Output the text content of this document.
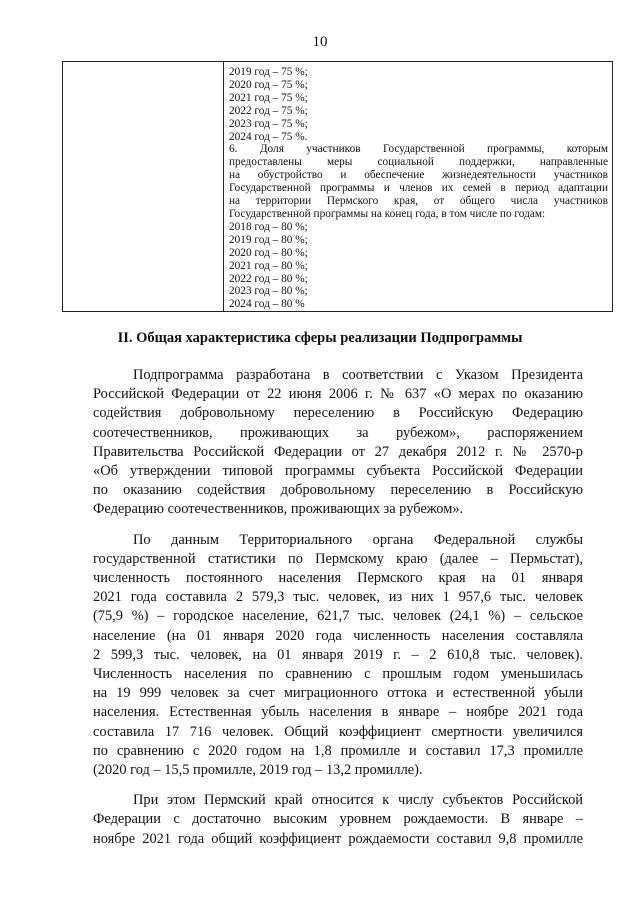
10
2019 год – 75 %;
2020 год – 75 %;
2021 год – 75 %;
2022 год – 75 %;
2023 год – 75 %;
2024 год – 75 %.
6. Доля участников Государственной программы, которым
предоставлены меры социальной поддержки, направленные
на обустройство и обеспечение жизнедеятельности участников
Государственной программы и членов их семей в период адаптации
на территории Пермского края, от общего числа участников
Государственной программы на конец года, в том числе по годам:
2018 год – 80 %;
2019 год – 80 %;
2020 год – 80 %;
2021 год – 80 %;
2022 год – 80 %;
2023 год – 80 %;
2024 год – 80 %
II. Общая характеристика сферы реализации Подпрограммы

Подпрограмма разработана в соответствии с Указом Президента
Российской Федерации от 22 июня 2006 г. № 637 «О мерах по оказанию
содействия добровольному переселению в Российскую Федерацию
соотечественников, проживающих за рубежом», распоряжением
Правительства Российской Федерации от 27 декабря 2012 г. № 2570-р
«Об утверждении типовой программы субъекта Российской Федерации
по оказанию содействия добровольному переселению в Российскую
Федерацию соотечественников, проживающих за рубежом».

По данным Территориального органа Федеральной службы
государственной статистики по Пермскому краю (далее – Пермьстат),
численность постоянного населения Пермского края на 01 января
2021 года составила 2 579,3 тыс. человек, из них 1 957,6 тыс. человек
(75,9 %) – городское население, 621,7 тыс. человек (24,1 %) – сельское
население (на 01 января 2020 года численность населения составляла
2 599,3 тыс. человек, на 01 января 2019 г. – 2 610,8 тыс. человек).
Численность населения по сравнению с прошлым годом уменьшилась
на 19 999 человек за счет миграционного оттока и естественной убыли
населения. Естественная убыль населения в январе – ноябре 2021 года
составила 17 716 человек. Общий коэффициент смертности увеличился
по сравнению с 2020 годом на 1,8 промилле и составил 17,3 промилле
(2020 год – 15,5 промилле, 2019 год – 13,2 промилле).

При этом Пермский край относится к числу субъектов Российской
Федерации с достаточно высоким уровнем рождаемости. В январе –
ноябре 2021 года общий коэффициент рождаемости составил 9,8 промилле
